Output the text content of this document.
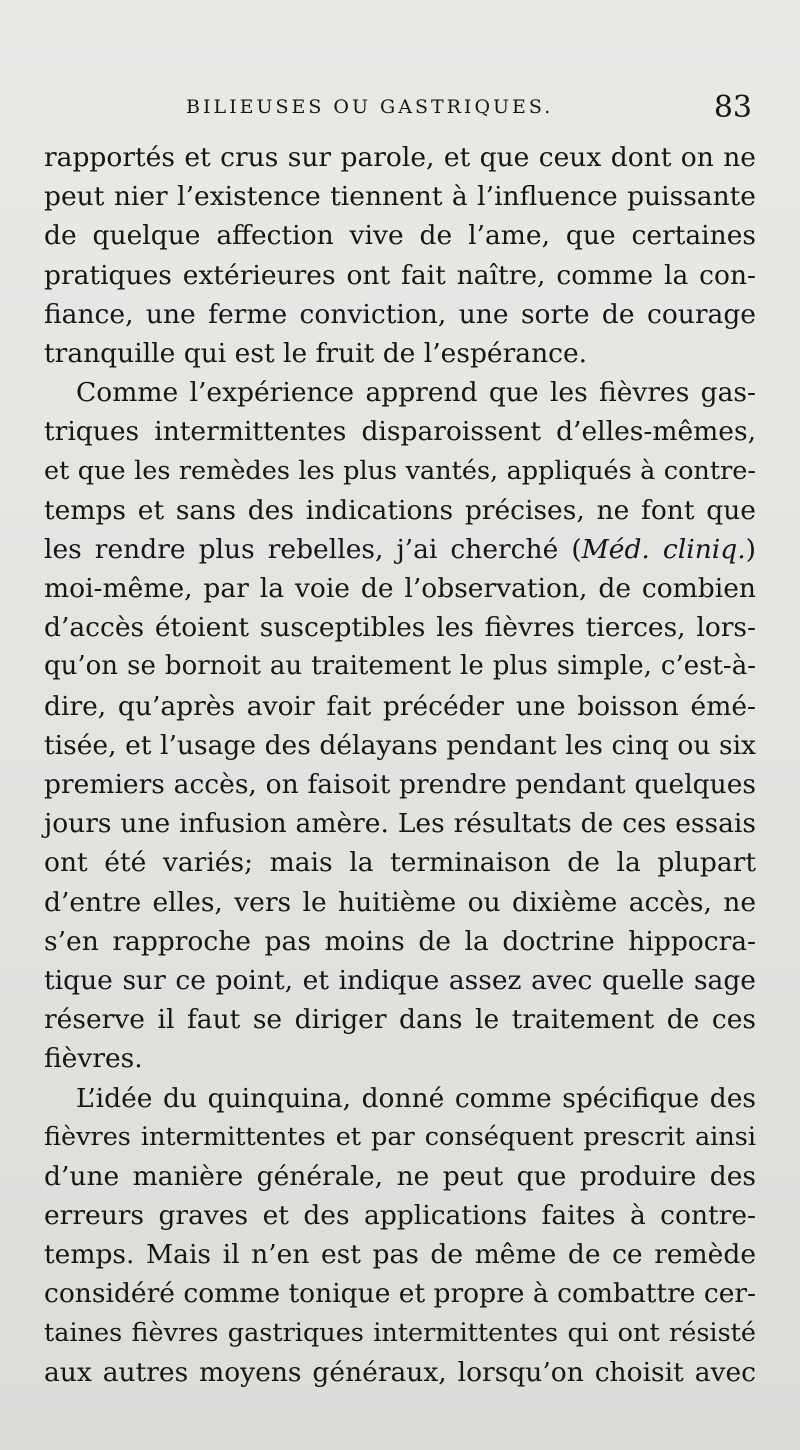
BILIEUSES OU GASTRIQUES.	83
rapportés et crus sur parole, et que ceux dont on ne
peut nier l’existence tiennent à l’influence puissante
de quelque affection vive de l’ame, que certaines
pratiques extérieures ont fait naître, comme la con-
fiance, une ferme conviction, une sorte de courage
tranquille qui est le fruit de l’espérance.
Comme l’expérience apprend que les fièvres gas-
triques intermittentes disparoissent d’elles-mêmes,
et que les remèdes les plus vantés, appliqués à contre-
temps et sans des indications précises, ne font que
les rendre plus rebelles, j’ai cherché (Méd. cliniq.)
moi-même, par la voie de l’observation, de combien
d’accès étoient susceptibles les fièvres tierces, lors-
qu’on se bornoit au traitement le plus simple, c’est-à-
dire, qu’après avoir fait précéder une boisson émé-
tisée, et l’usage des délayans pendant les cinq ou six
premiers accès, on faisoit prendre pendant quelques
jours une infusion amère. Les résultats de ces essais
ont été variés; mais la terminaison de la plupart
d’entre elles, vers le huitième ou dixième accès, ne
s’en rapproche pas moins de la doctrine hippocra-
tique sur ce point, et indique assez avec quelle sage
réserve il faut se diriger dans le traitement de ces
fièvres.
L’idée du quinquina, donné comme spécifique des
fièvres intermittentes et par conséquent prescrit ainsi
d’une manière générale, ne peut que produire des
erreurs graves et des applications faites à contre-
temps. Mais il n’en est pas de même de ce remède
considéré comme tonique et propre à combattre cer-
taines fièvres gastriques intermittentes qui ont résisté
aux autres moyens généraux, lorsqu’on choisit avec
